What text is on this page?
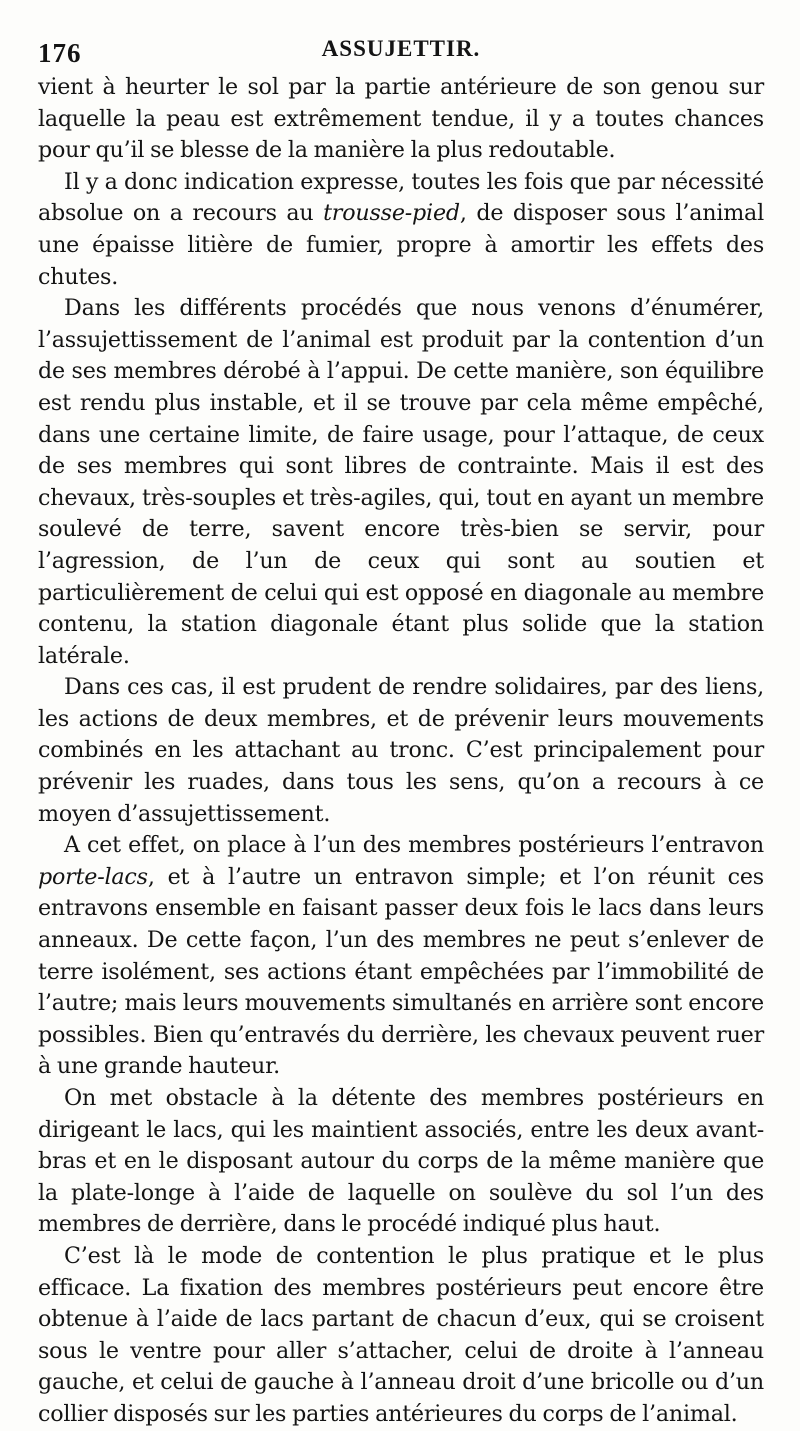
176	ASSUJETTIR.

vient à heurter le sol par la partie antérieure de son genou sur laquelle la peau est extrêmement tendue, il y a toutes chances pour qu’il se blesse de la manière la plus redoutable.

Il y a donc indication expresse, toutes les fois que par nécessité absolue on a recours au trousse-pied, de disposer sous l’animal une épaisse litière de fumier, propre à amortir les effets des chutes.

Dans les différents procédés que nous venons d’énumérer, l’assujettissement de l’animal est produit par la contention d’un de ses membres dérobé à l’appui. De cette manière, son équilibre est rendu plus instable, et il se trouve par cela même empêché, dans une certaine limite, de faire usage, pour l’attaque, de ceux de ses membres qui sont libres de contrainte. Mais il est des chevaux, très-souples et très-agiles, qui, tout en ayant un membre soulevé de terre, savent encore très-bien se servir, pour l’agression, de l’un de ceux qui sont au soutien et particulièrement de celui qui est opposé en diagonale au membre contenu, la station diagonale étant plus solide que la station latérale.

Dans ces cas, il est prudent de rendre solidaires, par des liens, les actions de deux membres, et de prévenir leurs mouvements combinés en les attachant au tronc. C’est principalement pour prévenir les ruades, dans tous les sens, qu’on a recours à ce moyen d’assujettissement.

A cet effet, on place à l’un des membres postérieurs l’entravon porte-lacs, et à l’autre un entravon simple; et l’on réunit ces entravons ensemble en faisant passer deux fois le lacs dans leurs anneaux. De cette façon, l’un des membres ne peut s’enlever de terre isolément, ses actions étant empêchées par l’immobilité de l’autre; mais leurs mouvements simultanés en arrière sont encore possibles. Bien qu’entravés du derrière, les chevaux peuvent ruer à une grande hauteur.

On met obstacle à la détente des membres postérieurs en dirigeant le lacs, qui les maintient associés, entre les deux avant-bras et en le disposant autour du corps de la même manière que la plate-longe à l’aide de laquelle on soulève du sol l’un des membres de derrière, dans le procédé indiqué plus haut.

C’est là le mode de contention le plus pratique et le plus efficace. La fixation des membres postérieurs peut encore être obtenue à l’aide de lacs partant de chacun d’eux, qui se croisent sous le ventre pour aller s’attacher, celui de droite à l’anneau gauche, et celui de gauche à l’anneau droit d’une bricolle ou d’un collier disposés sur les parties antérieures du corps de l’animal.
